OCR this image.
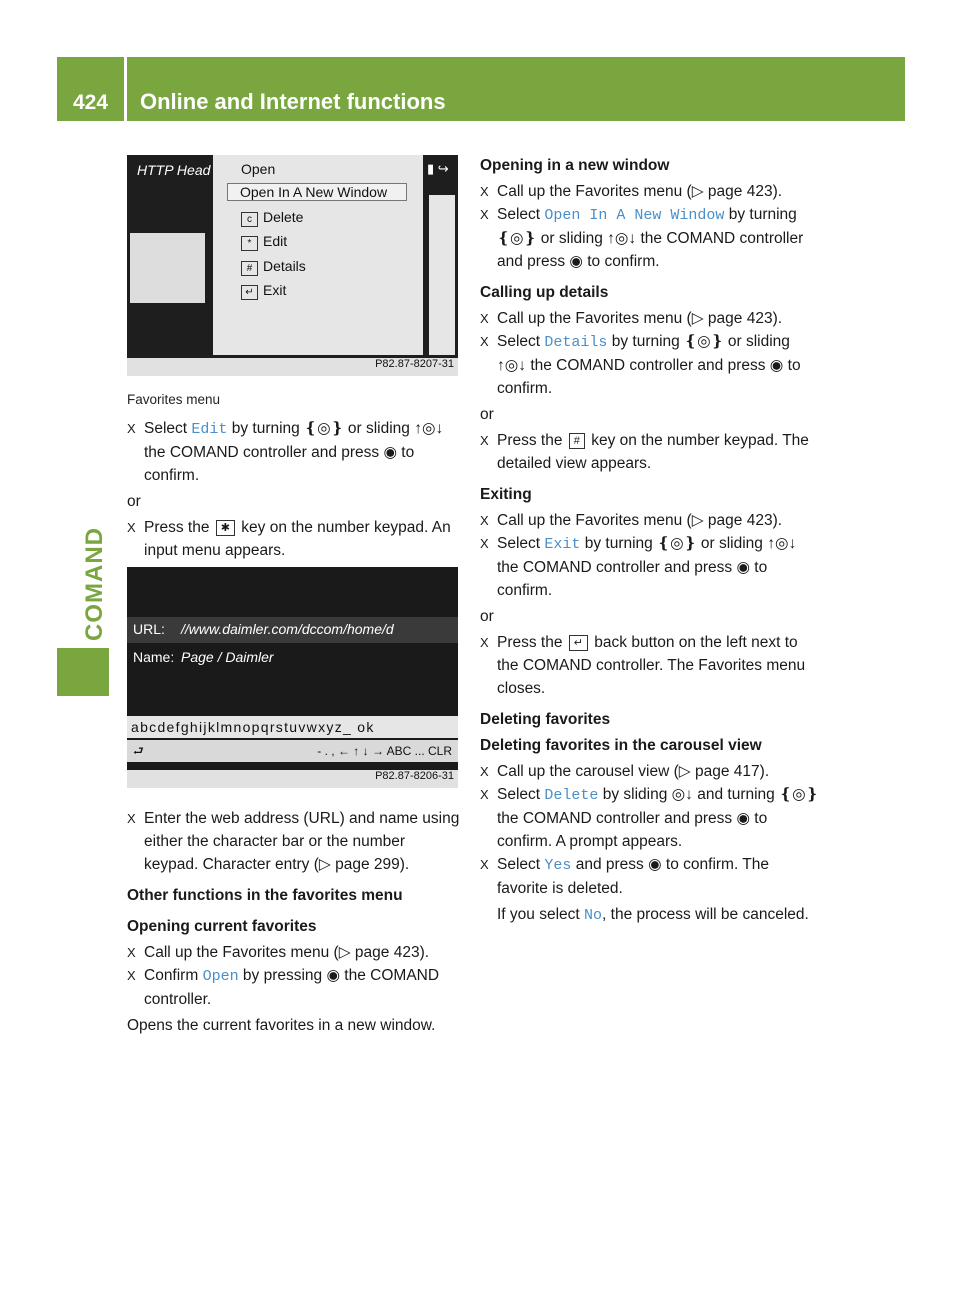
424	Online and Internet functions
COMAND
HTTP Head	▮ ↪
Open
Open In A New Window
c Delete
* Edit
# Details
↵ Exit
P82.87-8207-31
URL: //www.daimler.com/dccom/home/d
Name: Page / Daimler
abcdefghijklmnopqrstuvwxyz_ ok
⮐	- . , ← ↑ ↓ → ABC ... CLR
P82.87-8206-31

Favorites menu

X Select Edit by turning ❴◎❵ or sliding ↑◎↓ the COMAND controller and press ◉ to confirm.

or

X Press the ✱ key on the number keypad. An input menu appears.
X Enter the web address (URL) and name using either the character bar or the number keypad. Character entry (▷ page 299).

Other functions in the favorites menu

Opening current favorites

X Call up the Favorites menu (▷ page 423).
X Confirm Open by pressing ◉ the COMAND controller.

Opens the current favorites in a new window.

Opening in a new window

X Call up the Favorites menu (▷ page 423).
X Select Open In A New Window by turning ❴◎❵ or sliding ↑◎↓ the COMAND controller and press ◉ to confirm.

Calling up details

X Call up the Favorites menu (▷ page 423).
X Select Details by turning ❴◎❵ or sliding ↑◎↓ the COMAND controller and press ◉ to confirm.

or

X Press the # key on the number keypad. The detailed view appears.

Exiting

X Call up the Favorites menu (▷ page 423).
X Select Exit by turning ❴◎❵ or sliding ↑◎↓ the COMAND controller and press ◉ to confirm.

or

X Press the ↵ back button on the left next to the COMAND controller. The Favorites menu closes.

Deleting favorites

Deleting favorites in the carousel view

X Call up the carousel view (▷ page 417).
X Select Delete by sliding ◎↓ and turning ❴◎❵ the COMAND controller and press ◉ to confirm. A prompt appears.
X Select Yes and press ◉ to confirm. The favorite is deleted.

If you select No, the process will be canceled.
